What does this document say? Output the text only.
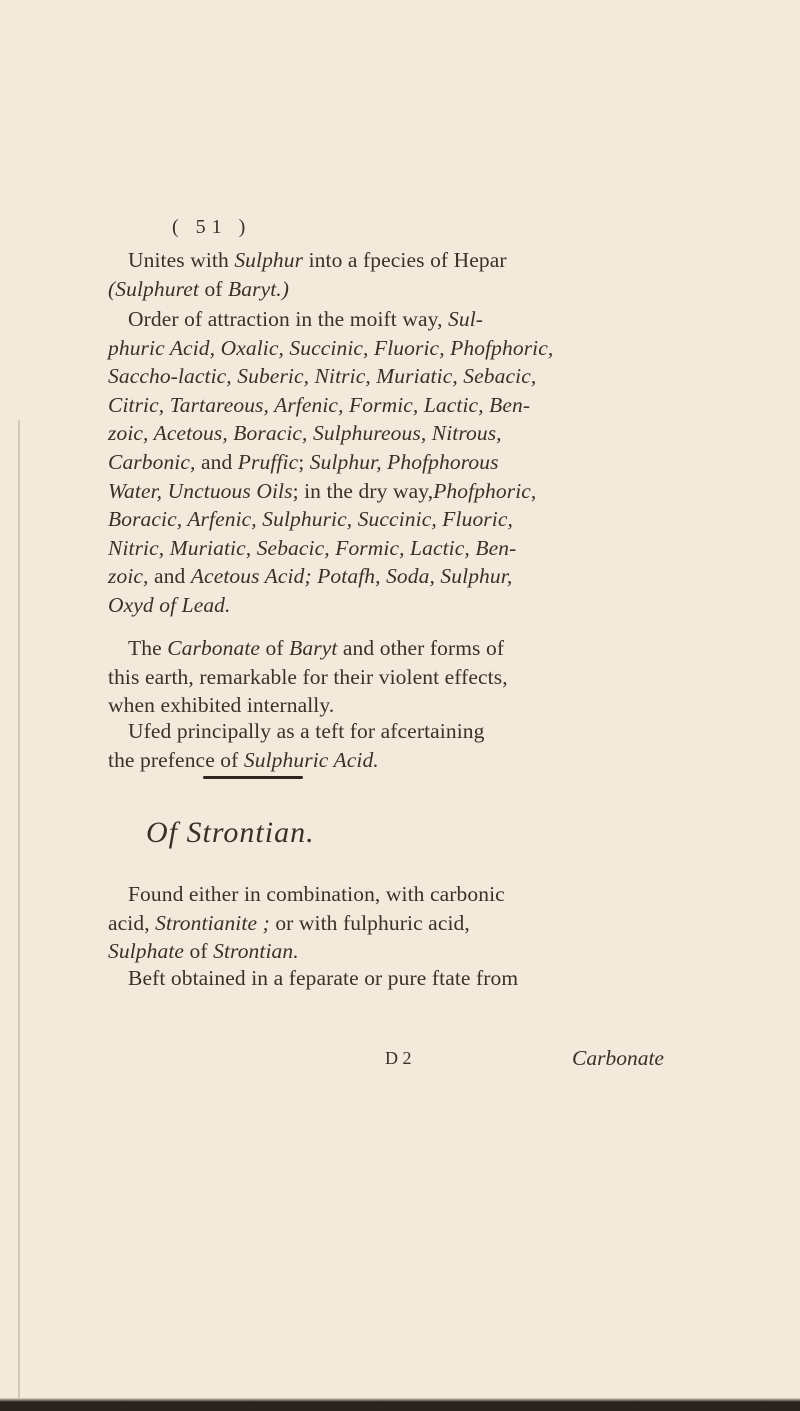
( 51 )
Unites with Sulphur into a fpecies of Hepar
(Sulphuret of Baryt.)
Order of attraction in the moift way, Sul-
phuric Acid, Oxalic, Succinic, Fluoric, Phofphoric,
Saccho-lactic, Suberic, Nitric, Muriatic, Sebacic,
Citric, Tartareous, Arfenic, Formic, Lactic, Ben-
zoic, Acetous, Boracic, Sulphureous, Nitrous,
Carbonic, and Pruffic; Sulphur, Phofphorous
Water, Unctuous Oils; in the dry way,Phofphoric,
Boracic, Arfenic, Sulphuric, Succinic, Fluoric,
Nitric, Muriatic, Sebacic, Formic, Lactic, Ben-
zoic, and Acetous Acid; Potafh, Soda, Sulphur,
Oxyd of Lead.
The Carbonate of Baryt and other forms of
this earth, remarkable for their violent effects,
when exhibited internally.
Ufed principally as a teft for afcertaining
the prefence of Sulphuric Acid.
Found either in combination, with carbonic
acid, Strontianite ; or with fulphuric acid,
Sulphate of Strontian.
Beft obtained in a feparate or pure ftate from
Of Strontian.
D 2	Carbonate
